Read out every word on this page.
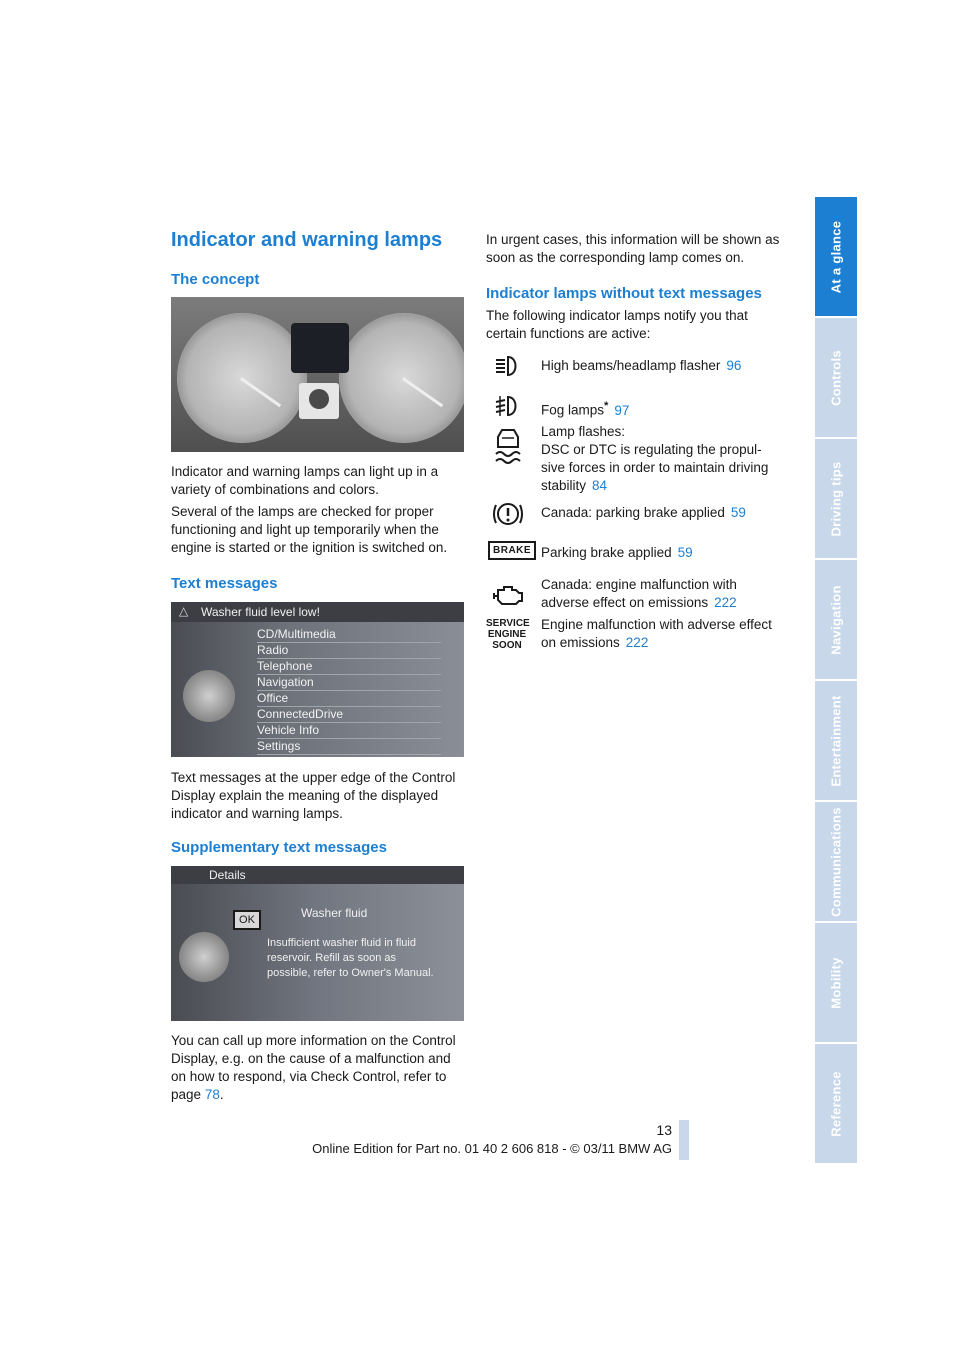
Indicator and warning lamps
The concept
Indicator and warning lamps can light up in a variety of combinations and colors.
Several of the lamps are checked for proper functioning and light up temporarily when the engine is started or the ignition is switched on.
Text messages
△ Washer fluid level low!
CD/Multimedia
Radio
Telephone
Navigation
Office
ConnectedDrive
Vehicle Info
Settings
Text messages at the upper edge of the Control Display explain the meaning of the displayed indicator and warning lamps.
Supplementary text messages
Details
OK	Washer fluid
Insufficient washer fluid in fluid reservoir. Refill as soon as possible, refer to Owner's Manual.
You can call up more information on the Control Display, e.g. on the cause of a malfunction and on how to respond, via Check Control, refer to page 78.
In urgent cases, this information will be shown as soon as the corresponding lamp comes on.
Indicator lamps without text messages
The following indicator lamps notify you that certain functions are active:
High beams/headlamp flasher 96
Fog lamps* 97
Lamp flashes:
DSC or DTC is regulating the propul-sive forces in order to maintain driving stability 84
Canada: parking brake applied 59
BRAKE Parking brake applied 59
Canada: engine malfunction with adverse effect on emissions 222
SERVICE ENGINE SOON
Engine malfunction with adverse effect on emissions 222
At a glance
Controls
Driving tips
Navigation
Entertainment
Communications
Mobility
Reference
13
Online Edition for Part no. 01 40 2 606 818 - © 03/11 BMW AG
